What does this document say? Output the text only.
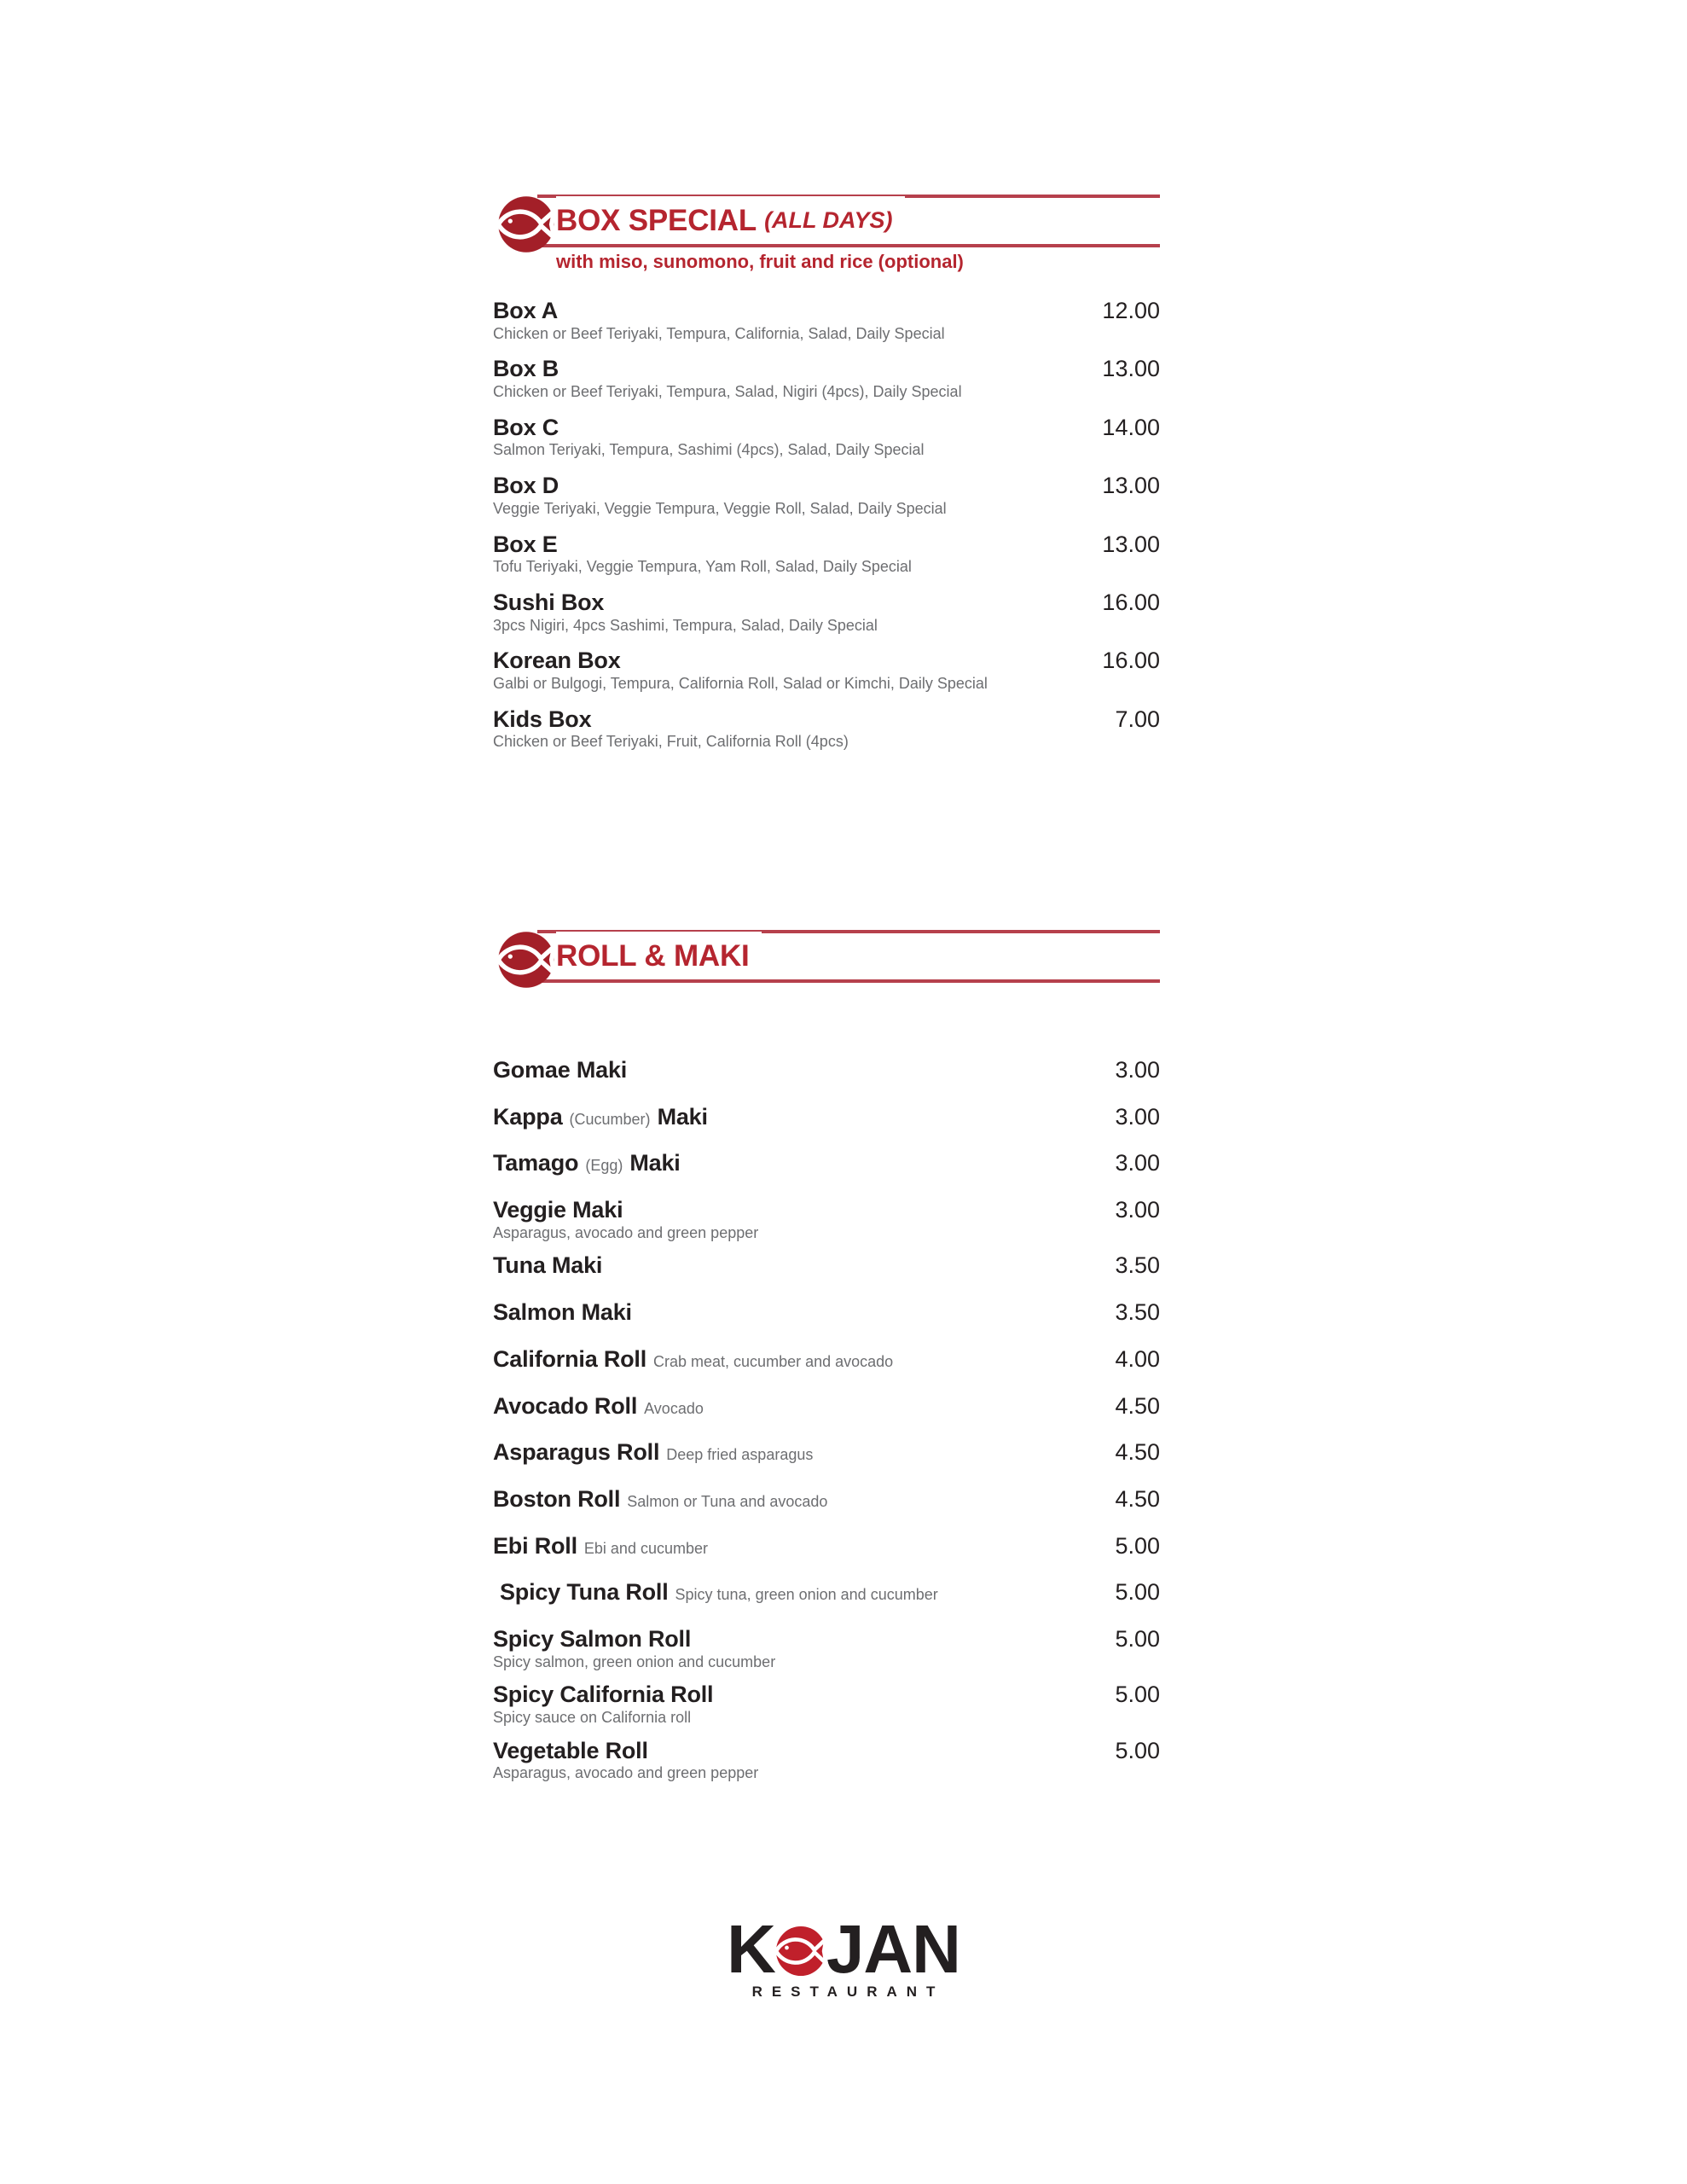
BOX SPECIAL (ALL DAYS)
with miso, sunomono, fruit and rice (optional)
Box A	12.00
Chicken or Beef Teriyaki, Tempura, California, Salad, Daily Special
Box B	13.00
Chicken or Beef Teriyaki, Tempura, Salad, Nigiri (4pcs), Daily Special
Box C	14.00
Salmon Teriyaki, Tempura, Sashimi (4pcs), Salad, Daily Special
Box D	13.00
Veggie Teriyaki, Veggie Tempura, Veggie Roll, Salad, Daily Special
Box E	13.00
Tofu Teriyaki, Veggie Tempura, Yam Roll, Salad, Daily Special
Sushi Box	16.00
3pcs Nigiri, 4pcs Sashimi, Tempura, Salad, Daily Special
Korean Box	16.00
Galbi or Bulgogi, Tempura, California Roll, Salad or Kimchi, Daily Special
Kids Box	7.00
Chicken or Beef Teriyaki, Fruit, California Roll (4pcs)
ROLL & MAKI
Gomae Maki	3.00
Kappa (Cucumber) Maki	3.00
Tamago (Egg) Maki	3.00
Veggie Maki	3.00
Asparagus, avocado and green pepper
Tuna Maki	3.50
Salmon Maki	3.50
California Roll Crab meat, cucumber and avocado	4.00
Avocado Roll Avocado	4.50
Asparagus Roll Deep fried asparagus	4.50
Boston Roll Salmon or Tuna and avocado	4.50
Ebi Roll Ebi and cucumber	5.00
Spicy Tuna Roll Spicy tuna, green onion and cucumber	5.00
Spicy Salmon Roll	5.00
Spicy salmon, green onion and cucumber
Spicy California Roll	5.00
Spicy sauce on California roll
Vegetable Roll	5.00
Asparagus, avocado and green pepper
K JAN
RESTAURANT
